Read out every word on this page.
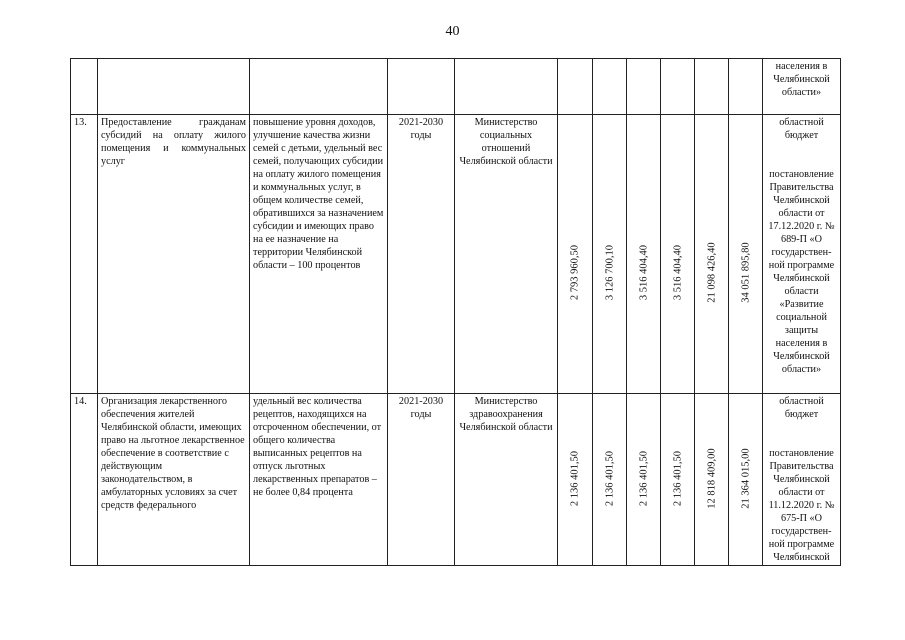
40
											населения в Челябинской области»
13.	Предоставление гражданам субсидий на оплату жилого помещения и коммунальных услуг	повышение уровня доходов, улучшение качества жизни семей с детьми, удельный вес семей, получающих субсидии на оплату жилого помещения и коммунальных услуг, в общем количестве семей, обратившихся за назначением субсидии и имеющих право на ее назначение на территории Челябинской области – 100 процентов	2021-2030 годы	Министерство социальных отношений Челябинской области	2 793 960,50	3 126 700,10	3 516 404,40	3 516 404,40	21 098 426,40	34 051 895,80	областной бюджет
постановление Правительства Челябинской области от 17.12.2020 г. № 689-П «О государствен-ной программе Челябинской области «Развитие социальной защиты населения в Челябинской области»
14.	Организация лекарственного обеспечения жителей Челябинской области, имеющих право на льготное лекарственное обеспечение в соответствие с действующим законодательством, в амбулаторных условиях за счет средств федерального	удельный вес количества рецептов, находящихся на отсроченном обеспечении, от общего количества выписанных рецептов на отпуск льготных лекарственных препаратов – не более 0,84 процента	2021-2030 годы	Министерство здравоохранения Челябинской области	2 136 401,50	2 136 401,50	2 136 401,50	2 136 401,50	12 818 409,00	21 364 015,00	областной бюджет
постановление Правительства Челябинской области от 11.12.2020 г. № 675-П «О государствен-ной программе Челябинской
